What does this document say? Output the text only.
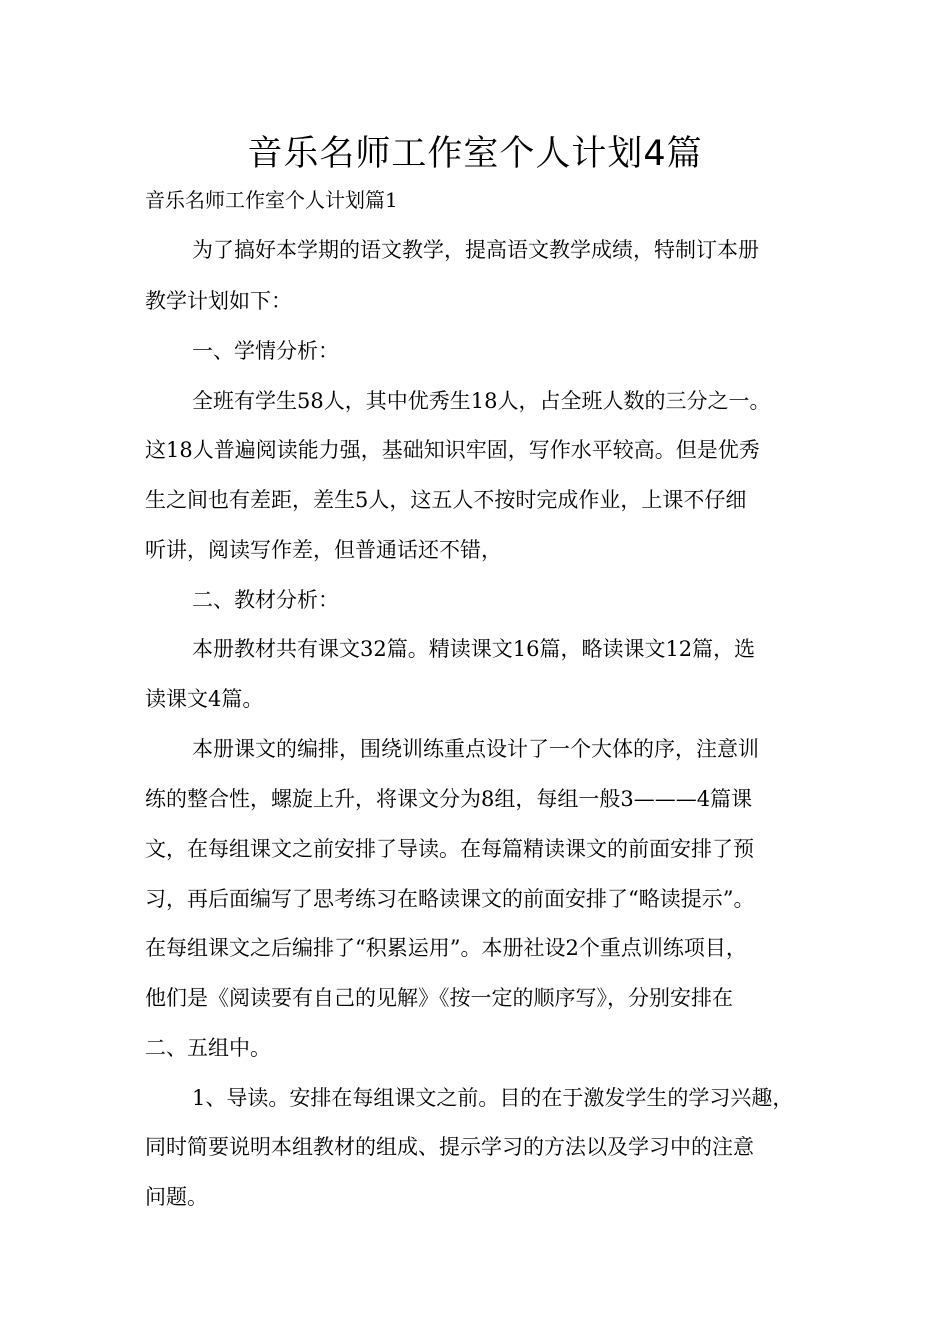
音乐名师工作室个人计划4篇
音乐名师工作室个人计划篇1
为了搞好本学期的语文教学，提高语文教学成绩，特制订本册
教学计划如下：
一、学情分析：
全班有学生58人，其中优秀生18人，占全班人数的三分之一。
这18人普遍阅读能力强，基础知识牢固，写作水平较高。但是优秀
生之间也有差距，差生5人，这五人不按时完成作业，上课不仔细
听讲，阅读写作差，但普通话还不错，
二、教材分析：
本册教材共有课文32篇。精读课文16篇，略读课文12篇，选
读课文4篇。
本册课文的编排，围绕训练重点设计了一个大体的序，注意训
练的整合性，螺旋上升，将课文分为8组，每组一般3———4篇课
文，在每组课文之前安排了导读。在每篇精读课文的前面安排了预
习，再后面编写了思考练习在略读课文的前面安排了“略读提示”。
在每组课文之后编排了“积累运用”。本册社设2个重点训练项目，
他们是《阅读要有自己的见解》《按一定的顺序写》，分别安排在
二、五组中。
1、导读。安排在每组课文之前。目的在于激发学生的学习兴趣，
同时简要说明本组教材的组成、提示学习的方法以及学习中的注意
问题。
